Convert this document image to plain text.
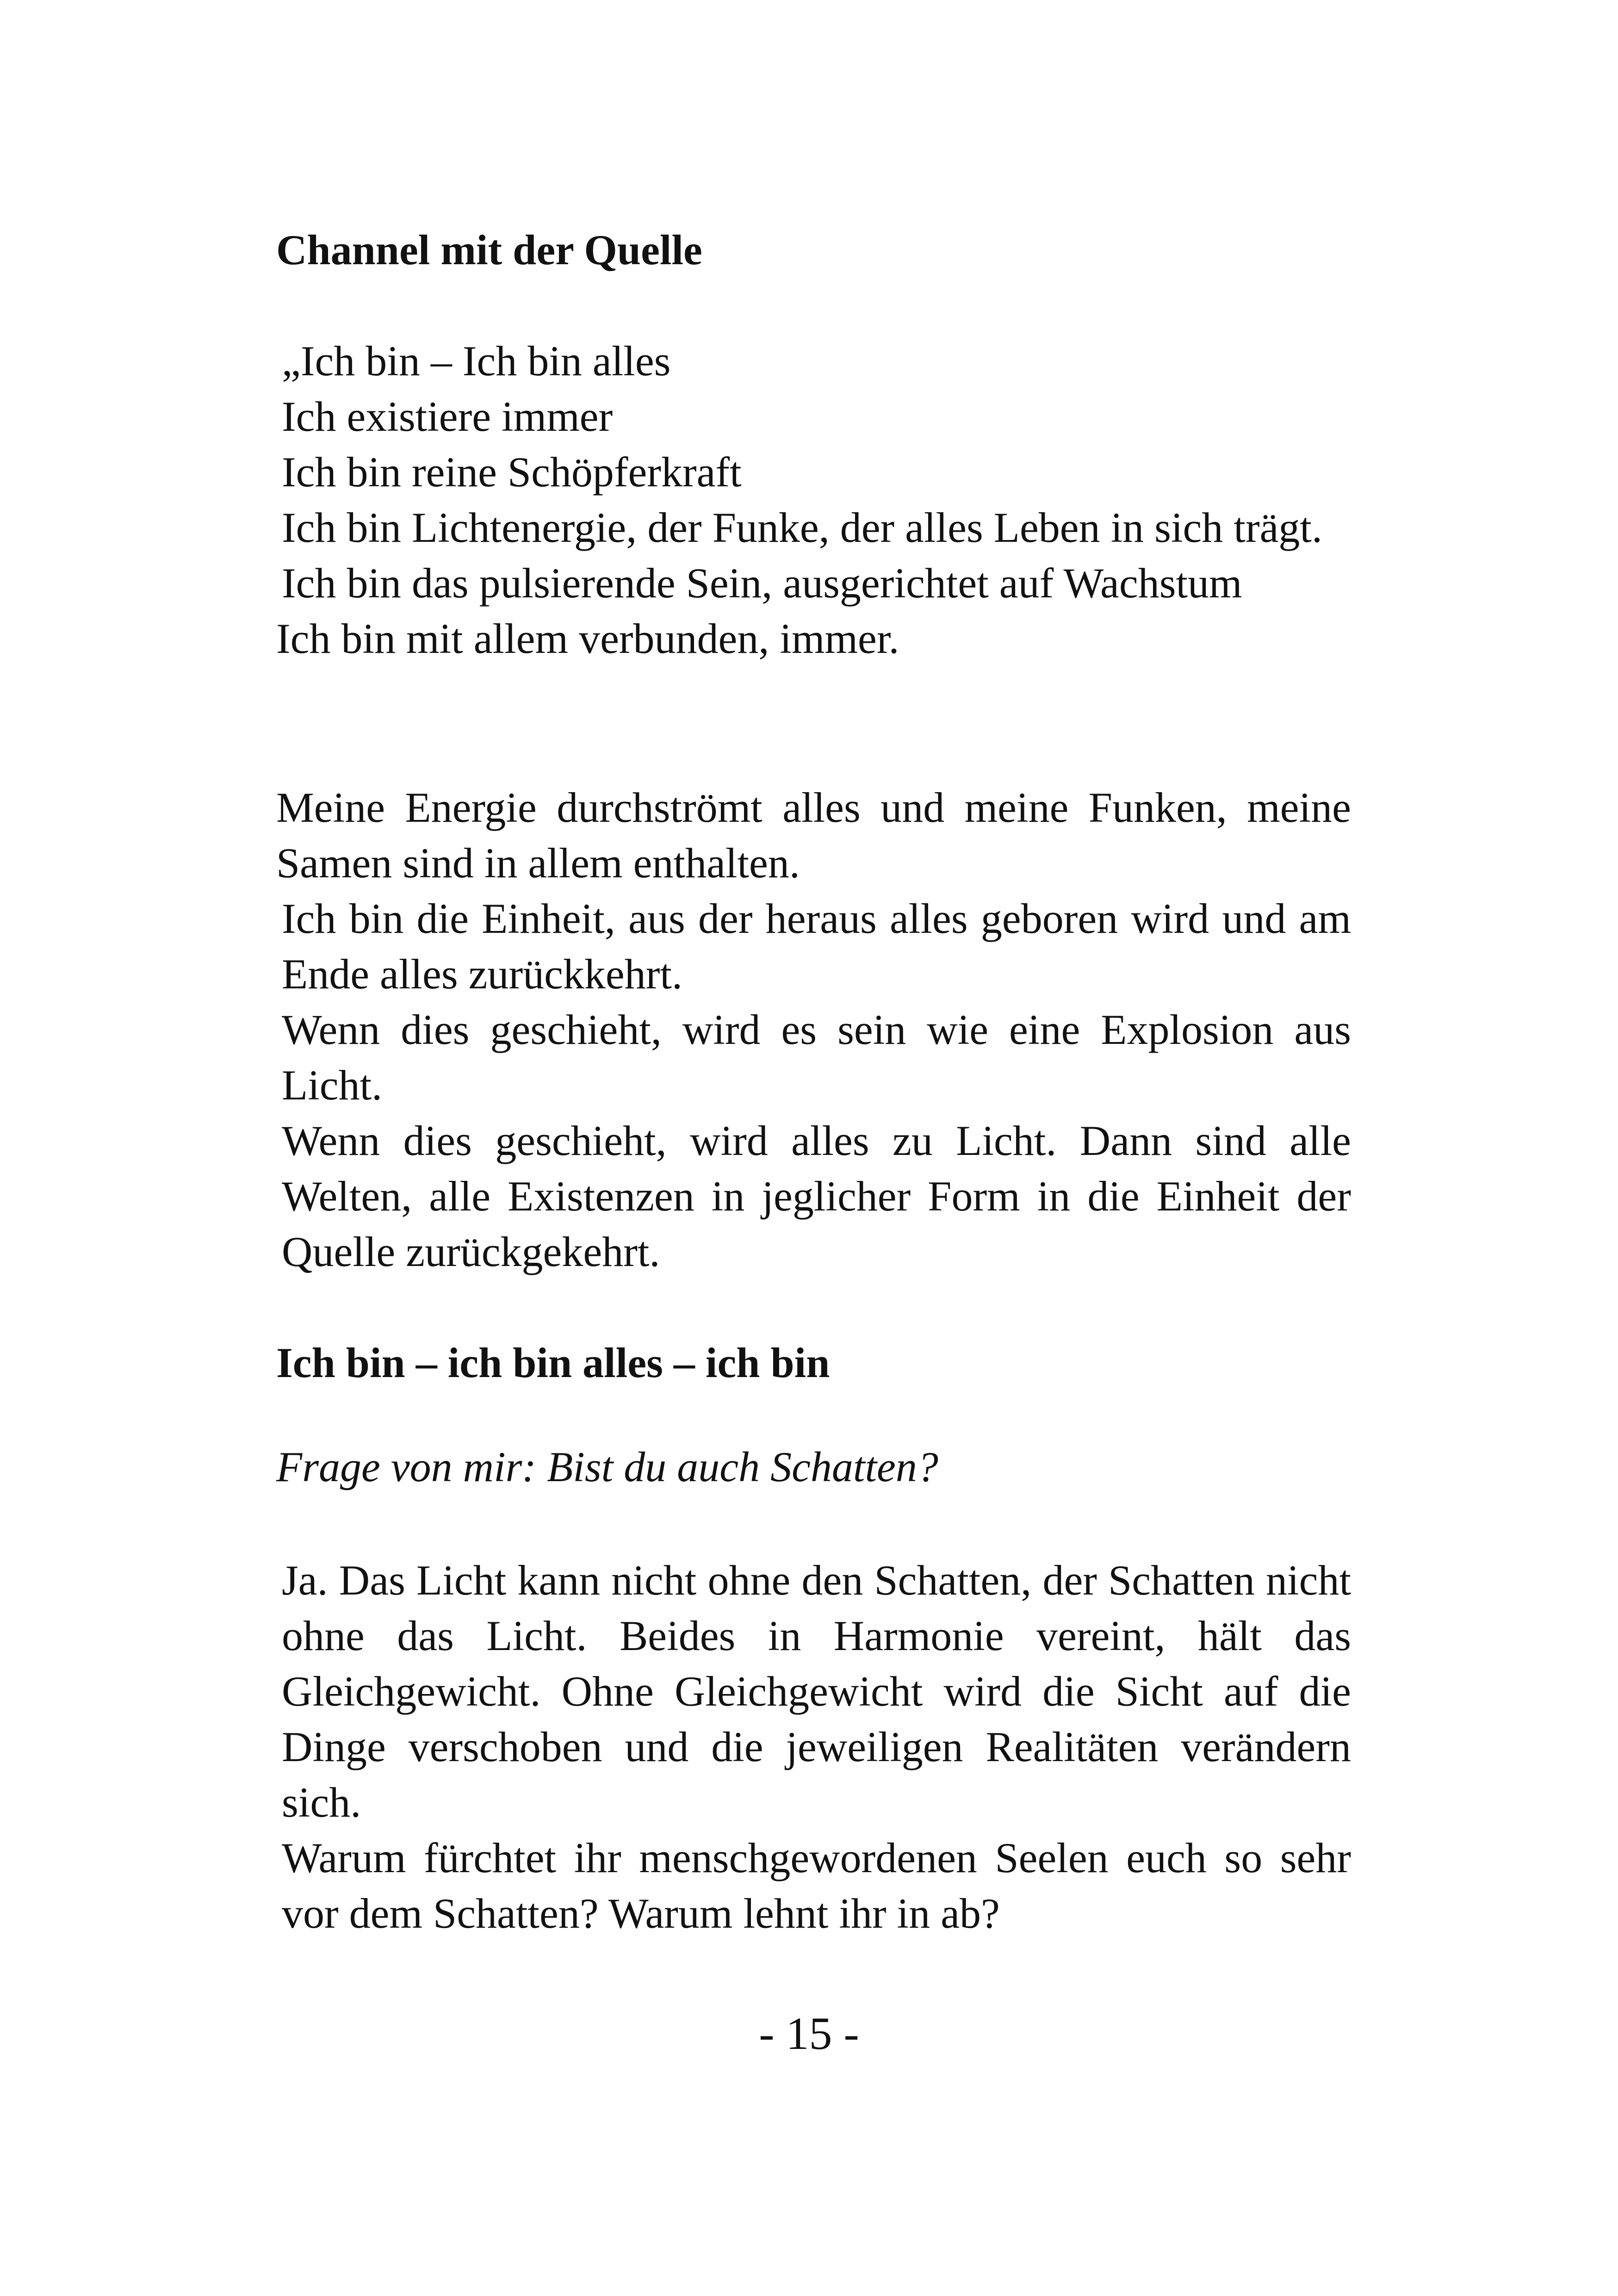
Channel mit der Quelle

„Ich bin – Ich bin alles

Ich existiere immer

Ich bin reine Schöpferkraft

Ich bin Lichtenergie, der Funke, der alles Leben in sich trägt.

Ich bin das pulsierende Sein, ausgerichtet auf Wachstum

Ich bin mit allem verbunden, immer.

Meine Energie durchströmt alles und meine Funken, meine Samen sind in allem enthalten.

Ich bin die Einheit, aus der heraus alles geboren wird und am Ende alles zurückkehrt.

Wenn dies geschieht, wird es sein wie eine Explosion aus Licht.

Wenn dies geschieht, wird alles zu Licht. Dann sind alle Welten, alle Existenzen in jeglicher Form in die Einheit der Quelle zurückgekehrt.

Ich bin – ich bin alles – ich bin

Frage von mir: Bist du auch Schatten?

Ja. Das Licht kann nicht ohne den Schatten, der Schatten nicht ohne das Licht. Beides in Harmonie vereint, hält das Gleichgewicht. Ohne Gleichgewicht wird die Sicht auf die Dinge verschoben und die jeweiligen Realitäten verändern sich.

Warum fürchtet ihr menschgewordenen Seelen euch so sehr vor dem Schatten? Warum lehnt ihr in ab?

- 15 -
